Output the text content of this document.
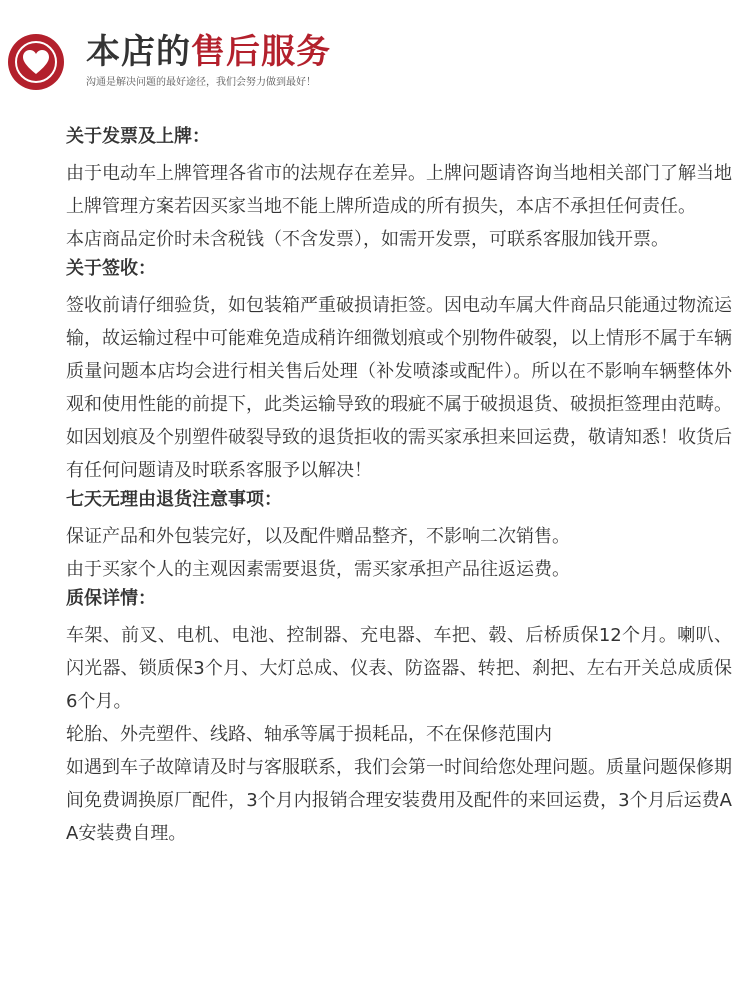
本店的售后服务
沟通是解决问题的最好途径，我们会努力做到最好！
关于发票及上牌：

由于电动车上牌管理各省市的法规存在差异。上牌问题请咨询当地相关部门了解当地上牌管理方案若因买家当地不能上牌所造成的所有损失，本店不承担任何责任。

本店商品定价时未含税钱（不含发票），如需开发票，可联系客服加钱开票。

关于签收：

签收前请仔细验货，如包装箱严重破损请拒签。因电动车属大件商品只能通过物流运输，故运输过程中可能难免造成稍许细微划痕或个别物件破裂，以上情形不属于车辆质量问题本店均会进行相关售后处理（补发喷漆或配件）。所以在不影响车辆整体外观和使用性能的前提下，此类运输导致的瑕疵不属于破损退货、破损拒签理由范畴。如因划痕及个别塑件破裂导致的退货拒收的需买家承担来回运费，敬请知悉！收货后有任何问题请及时联系客服予以解决！

七天无理由退货注意事项：

保证产品和外包装完好，以及配件赠品整齐，不影响二次销售。

由于买家个人的主观因素需要退货，需买家承担产品往返运费。

质保详情：

车架、前叉、电机、电池、控制器、充电器、车把、毂、后桥质保12个月。喇叭、闪光器、锁质保3个月、大灯总成、仪表、防盗器、转把、刹把、左右开关总成质保6个月。

轮胎、外壳塑件、线路、轴承等属于损耗品，不在保修范围内

如遇到车子故障请及时与客服联系，我们会第一时间给您处理问题。质量问题保修期间免费调换原厂配件，3个月内报销合理安装费用及配件的来回运费，3个月后运费AA安装费自理。
